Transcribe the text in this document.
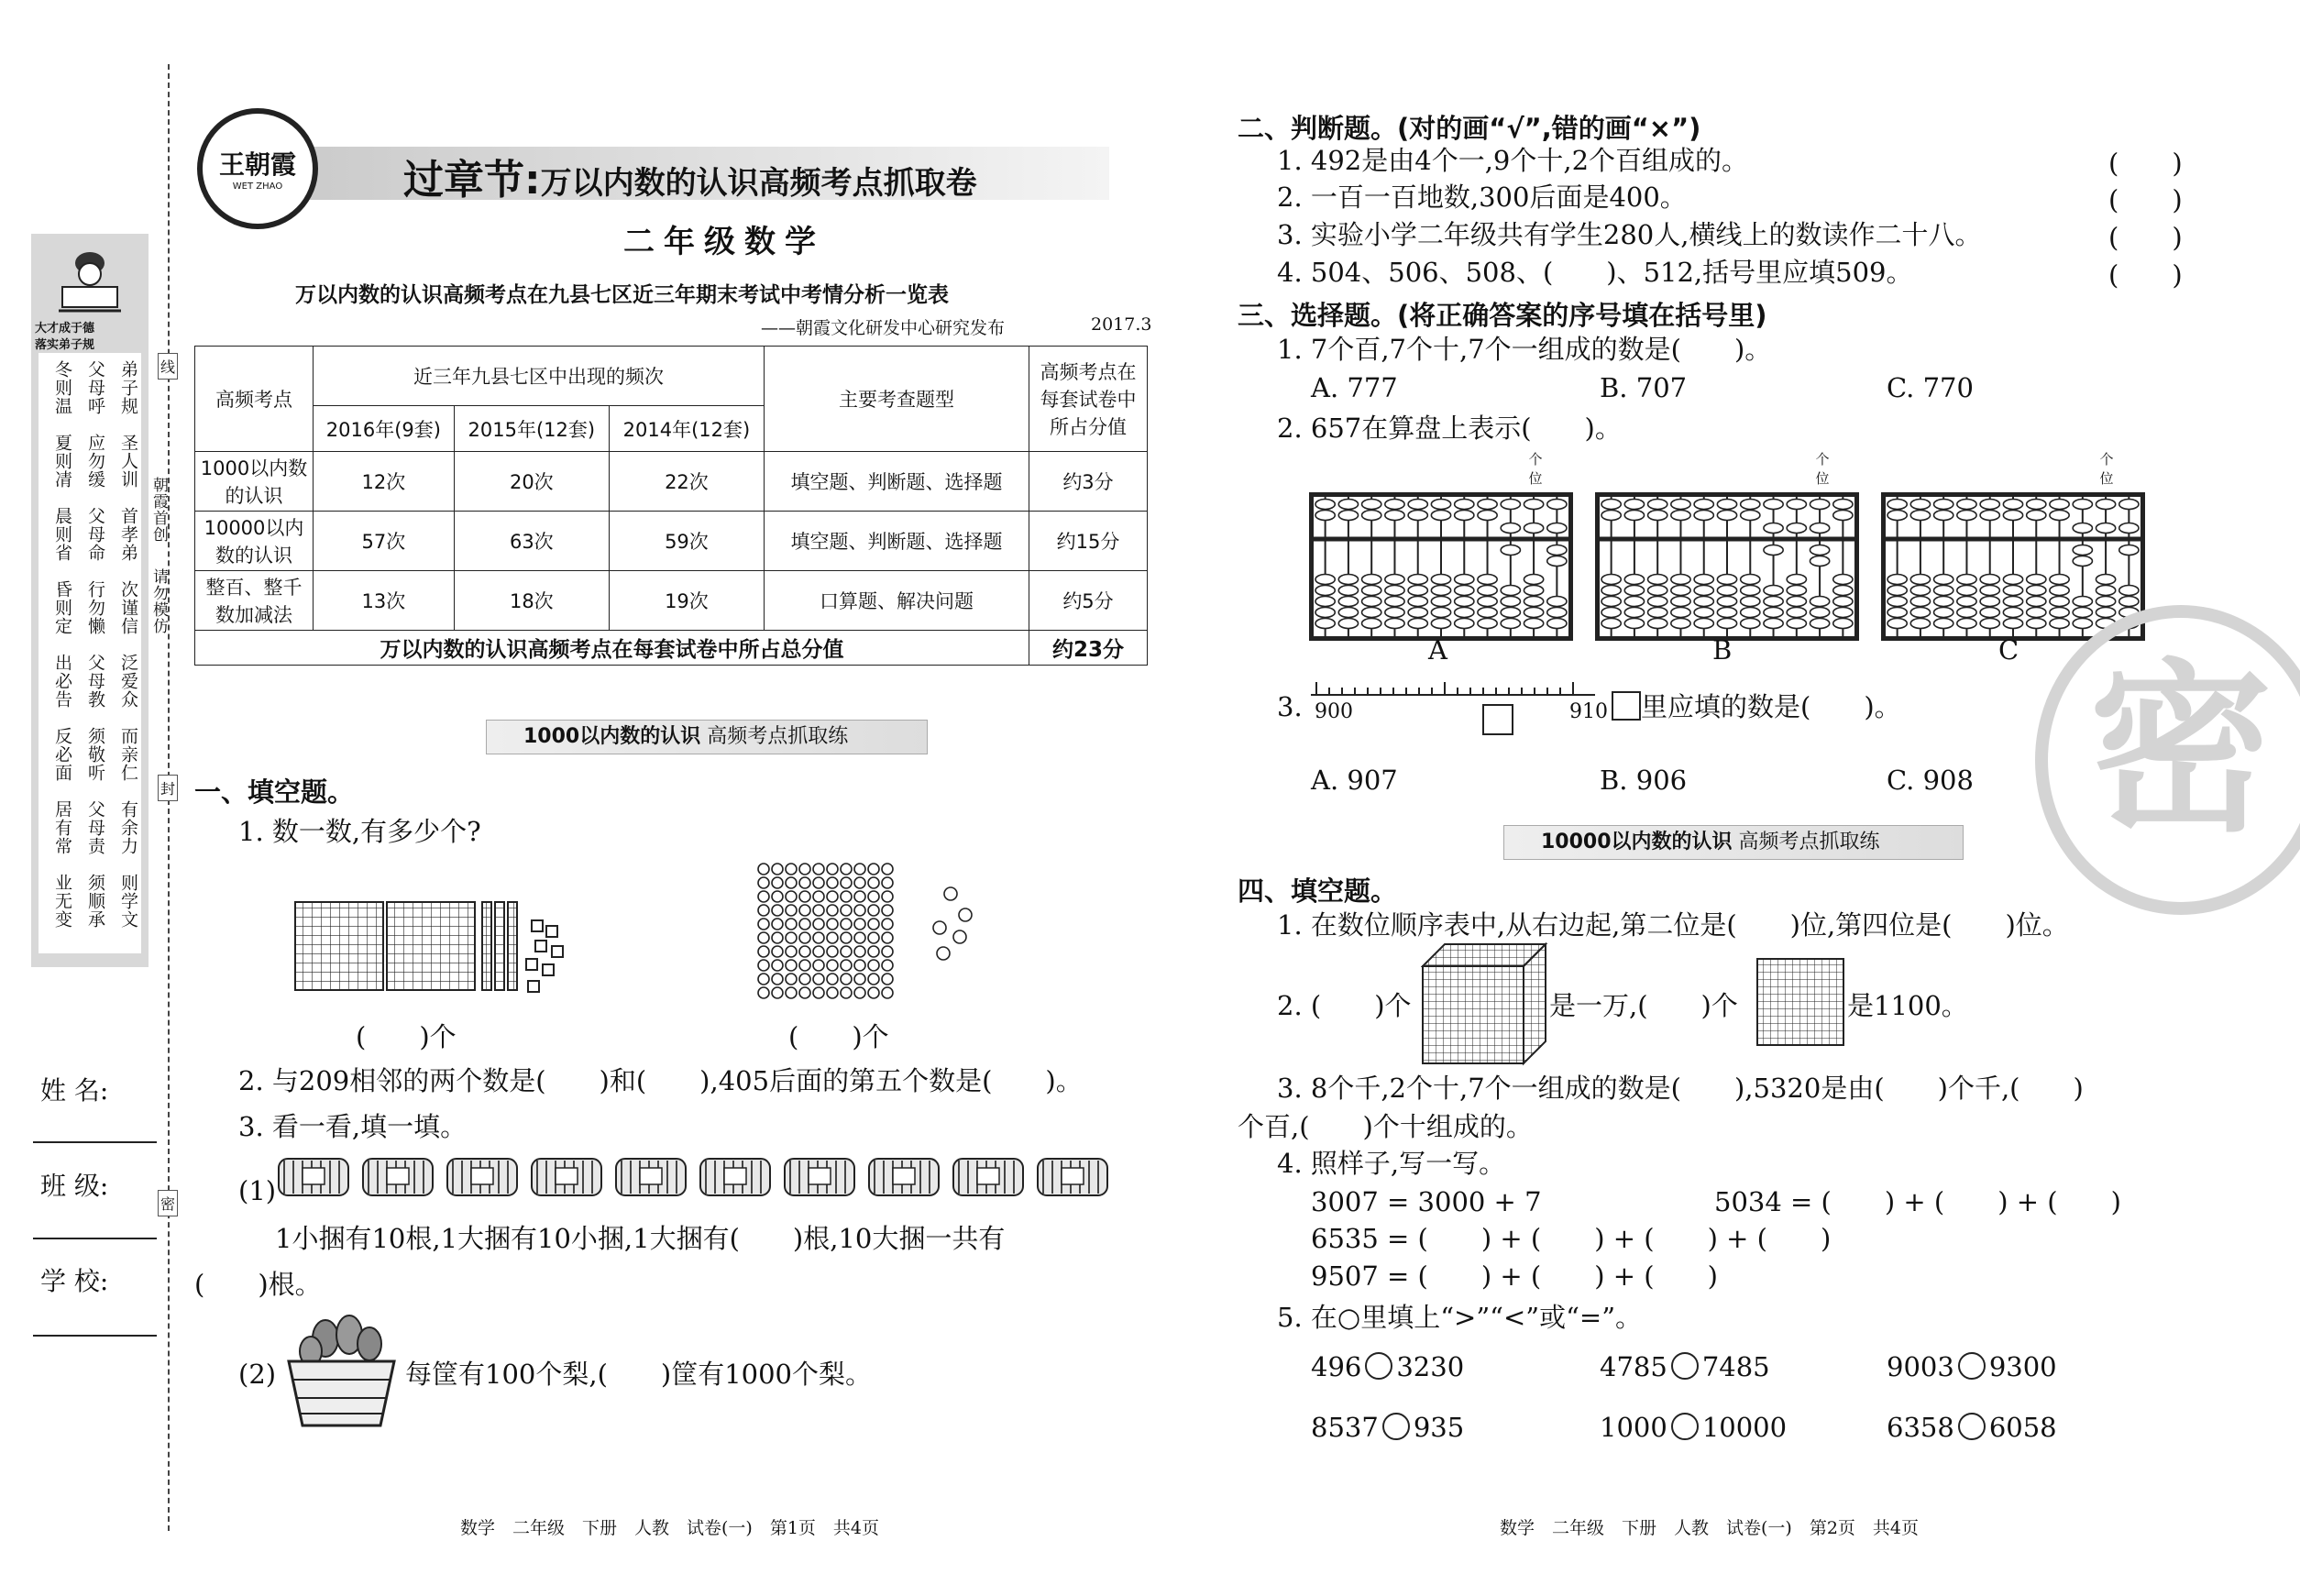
大才成于德
落实弟子规
弟子规
圣人训
首孝弟
次谨信
泛爱众
而亲仁
有余力
则学文
父母呼
应勿缓
父母命
行勿懒
父母教
须敬听
父母责
须顺承
冬则温
夏则凊
晨则省
昏则定
出必告
反必面
居有常
业无变
姓 名:
班 级:
学 校:
线
封
密
朝霞首创
请勿模仿
王朝霞
WET ZHAO	过章节:万以内数的认识高频考点抓取卷
二年级数学
万以内数的认识高频考点在九县七区近三年期末考试中考情分析一览表
——朝霞文化研发中心研究发布	2017.3
高频考点	近三年九县七区中出现的频次			主要考查题型	高频考点在每套试卷中所占分值
	2016年(9套)	2015年(12套)	2014年(12套)		
1000以内数的认识	12次	20次	22次	填空题、判断题、选择题	约3分
10000以内数的认识	57次	63次	59次	填空题、判断题、选择题	约15分
整百、整千数加减法	13次	18次	19次	口算题、解决问题	约5分
万以内数的认识高频考点在每套试卷中所占总分值					约23分
1000以内数的认识 高频考点抓取练
一、填空题。
1. 数一数,有多少个?
(　　)个	(　　)个
2. 与209相邻的两个数是(　　)和(　　),405后面的第五个数是(　　)。
3. 看一看,填一填。
(1)
1小捆有10根,1大捆有10小捆,1大捆有(　　)根,10大捆一共有
(　　)根。
(2)	每筐有100个梨,(　　)筐有1000个梨。
数学　二年级　下册　人教　试卷(一)　第1页　共4页
二、判断题。(对的画“√”,错的画“×”)
1. 492是由4个一,9个十,2个百组成的。	(　　)
2. 一百一百地数,300后面是400。	(　　)
3. 实验小学二年级共有学生280人,横线上的数读作二十八。	(　　)
4. 504、506、508、(　　)、512,括号里应填509。	(　　)
三、选择题。(将正确答案的序号填在括号里)
1. 7个百,7个十,7个一组成的数是(　　)。
A. 777	B. 707	C. 770
2. 657在算盘上表示(　　)。
个位
个位
个位
A	B	C
3. 900	910	里应填的数是(　　)。
A. 907	B. 906	C. 908
10000以内数的认识 高频考点抓取练
四、填空题。
1. 在数位顺序表中,从右边起,第二位是(　　)位,第四位是(　　)位。
2. (　　)个	是一万,(　　)个	是1100。
3. 8个千,2个十,7个一组成的数是(　　),5320是由(　　)个千,(　　)
个百,(　　)个十组成的。
4. 照样子,写一写。
3007 = 3000 + 7	5034 = (　　) + (　　) + (　　)
6535 = (　　) + (　　) + (　　) + (　　)
9507 = (　　) + (　　) + (　　)
5. 在○里填上“>”“<”或“=”。
496 3230	4785 7485	9003 9300
8537 935	1000 10000	6358 6058
密
数学　二年级　下册　人教　试卷(一)　第2页　共4页
